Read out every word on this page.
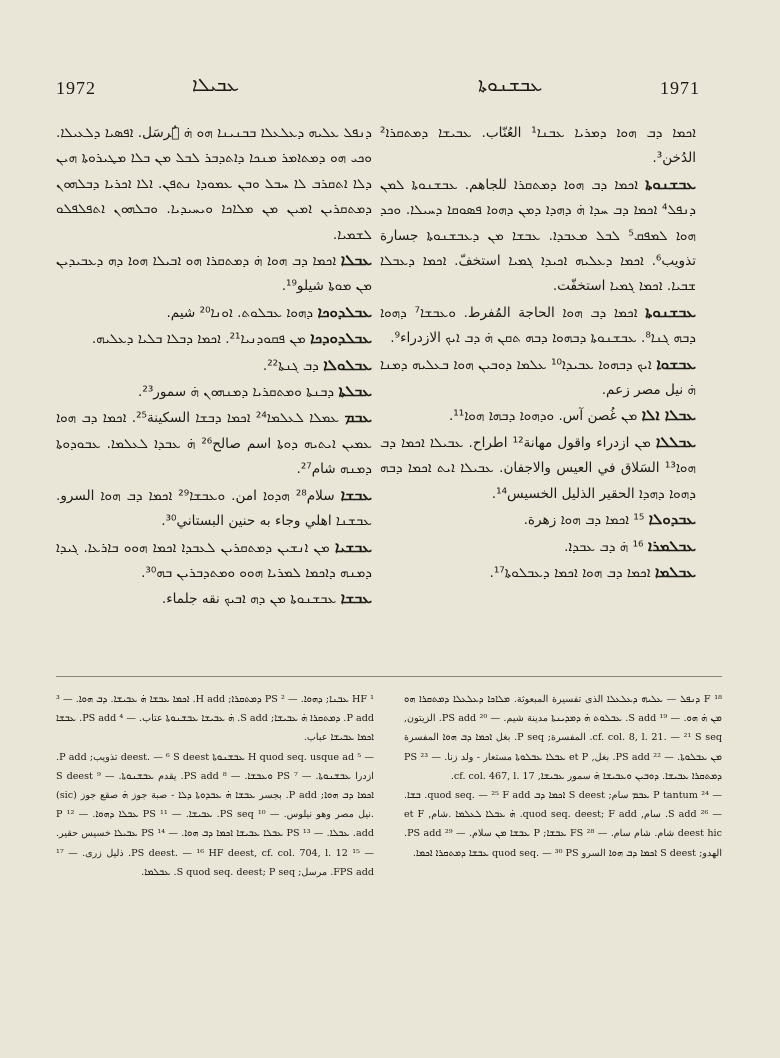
1972	ܥܒܝܠܐ	ܥܒܫܢܘܬܐ	1971

ܕܢܦܠ ܥܠܝܗ ܕܥܠܥܠܐ ܒܒܢܝܢܐ ܗܘ ܗ̇ ܡُرسَل. ܐܦܣܝܐ ܕܠܥܝܠܐ. ܘܟܝ ܗܘ ܕܡܬܐܡܪ ܡܢܟܐ ܕܐܬܕܒܪ ܠܒܠ ܡܢ ܒܠܐ ܡܛܝܪܘܬܐ ܗܝܢ ܕܠܐ ܐܬܩܪܒ ܠܐ ܚܒܠ ܘܒܢ ܥܡܘܕܐ ܢܬܦܢ. ܐܠܐ ܐܟܪܝܐ ܕܒܠܗܘܢ ܕܡܬܩܪܝܢ ܐܡܝܢ ܡܢ ܡܠܐܟܐ ܘܝܚܝܕܝܐ. ܘܒܠܗܘܢ ܐܬܦܠܦܠܘ ܠܫܡܝܐ.

ܥܒܠܐ ܐܟܡܐ ܕܒ ܗܘܐ ܗ̇ ܕܡܬܩܪܐ ܗܘ ܐܒܝܠܐ ܗܘܐ ܕܗ ܕܥܒܝܕܝܢ ܡܢ ܡܘܬܐ شيلو¹⁹.

ܥܒܠܕܘܟܐ ܕܗܘܐ ܥܒܠܘܬ. ܐܘܢܐ²⁰ شيم.

ܥܒܠܕܘܕܟܐ ܡܢ ܦܩܘܕܢܝܐ²¹. ܐܟܡܐ ܕܒܠܐ ܒܠܝܐ ܕܥܠܝܗ.

ܥܒܠܘܠܐ ܕܒ ܓܢܬܐ²².

ܥܒܠܬܐ ܕܒܢܬܐ ܘܡܬܩܪܝܐ ܕܡܢܗܘܢ ܗ̇ سمور²³.

ܥܒܡ ܥܡܠܐ ܠܥܠܡܐ²⁴ ܐܟܡܐ ܕܒܫܐ السكينة²⁵. ܐܟܡܐ ܕܒ ܗܘܐ ܥܡܝܢ ܐܝܬܝܗ ܕܘܬܐ اسم صالح²⁶ ܗ̇ ܥܒܕܐ ܠܥܠܡܐ. ܥܒܘܕܘܬܐ ܕܡܢܗ شام²⁷.

ܥܒܫܐ سلام²⁸ ܗܕܘܐ امن. ܘܥܒܫܐ²⁹ ܐܟܡܐ ܕܒ ܗܘܐ السرو. ܥܒܫܢܐ اهلي وجاء به حنين البستاني³⁰.

ܥܒܫܝܐ ܡܢ ܐܢܫܝܢ ܕܡܬܩܪܝܢ ܠܥܒܕܐ ܐܟܡܐ ܗܘܘ ܒܐܪܥܐ. ܓܝܕܐ ܕܡܢܗ ܕܐܟܡܐ ܠܡܪܝܐ ܗܘܘ ܘܡܬܕܒܪܝܢ ܒܗ³⁰.

ܥܒܫܐ ܥܒܫܢܘܬܐ ܡܢ ܕܗ ܐܒܝܟ نقه جلماء.

ܐܟܡܐ ܕܒ ܗܘܐ ܕܡܪܝܐ ܥܒܢܐ¹ العُنّاب. ܥܒܝܫܐ ܕܡܬܩܪܐ² الدُخن³.

ܥܒܫܢܘܬܐ ܐܟܡܐ ܕܒ ܗܘܐ ܕܡܬܩܪܐ للجاهم. ܥܒܫܢܘܬܐ ܠܡܢ ܕܢܦܠ⁴ ܐܟܡܐ ܕܒ ܚܕܐ ܗ̇ ܕܗܕܐ ܕܡܢ ܕܗܘܐ ܦܣܘܩܐ ܕܚܝܠܐ. ܘܟܕ ܗܘܐ ܠܡܦܩ⁵ ܠܒܠ ܡܥܒܕܐ. ܥܒܫܐ ܡܢ ܕܥܒܫܢܘܬܐ جسارة تذويب⁶. ܐܟܡܐ ܕܥܠܝܗ ܐܟܝܕܐ ܓܡܝܐ استخفّ. ܐܟܡܐ ܕܥܒܠܐ ܫܒܝܐ. ܐܟܡܐ ܓܡܝܐ استخفّت.

ܥܒܫܢܘܬܐ ܐܟܡܐ ܕܒ ܗܘܐ الحاجة المُفرط. ܘܥܒܫܐ⁷ ܕܗܘܐ ܕܒܗ ܓܢܐ⁸. ܥܒܫܢܘܬܐ ܕܒܗܘܐ ܕܒܗ ܬܩܢ ܗ̇ ܕܒ ܐܝܟ الازدراء⁹.

ܥܒܫܘܐ ܐܝܟ ܕܒܗܘܐ ܥܒܝܕܐ¹⁰ ܥܠܡܐ ܕܘܒܝܢ ܗܘܐ ܒܥܠܝܗ ܕܡܢܐ ܗ̇ نيل مصر زعم.

ܥܒܠܐ ܐܠܐ ܡܢ غُصن آس. ܘܕܗܘܐ ܕܒܗܐ ܗܘܐ¹¹.

ܥܒܠܠܐ ܡܢ ازدراء واقول مهانة¹² اطراح. ܥܒܝܠܐ ܐܟܡܐ ܕܒ ܗܘܐ¹³ السَلاق في العيس والاجفان. ܥܒܝܠܐ ܐܝܬ ܐܟܡܐ ܕܒܗ ܕܗܘܐ ܕܗܕܐ الحقير الذليل الخسيس¹⁴.

ܥܒܕܘܠܐ ¹⁵ ܐܟܡܐ ܕܒ ܗܘܐ زهرة.

ܥܒܠܡܪܐ ¹⁶ ܗ̇ ܕܒ ܥܒܕܐ.

ܥܒܠܡܐ ܐܟܡܐ ܕܒ ܗܘܐ ܐܟܡܐ ܕܥܒܠܘܬܐ¹⁷.

¹ HF ܥܒܢܐ; ܕܗܘܐ. — ² PS ܕܡܬܩܪܐ; H add. ܐܟܡܐ ܥܒܫܐ ܗ̇ ܥܒܝܫܐ. ܕܒ ܗܘܐ. — ³ P add. ܕܡܬܩܪܐ ܗ̇ ܥܒܝܫܐ; S add. ܗ̇ ܥܒܝܫܐ ܥܒܫܢܘܬܐ عتاب. — ⁴ PS add. ܥܒܫܐ ܐܟܡܐ ܥܒܝܫܐ عباب.

— ⁵ H quod seq. usque ad ܥܒܫܢܘܬܐ deest. — ⁶ S deest تذويب; P add. ازدرا ܥܒܫܢܘܬܐ. — ⁷ PS ܘܥܒܫܐ. — ⁸ PS add. يقدم ܥܒܫܢܘܬܐ. — ⁹ S deest ܐܟܡܐ ܕܒ ܗܘܐ; P add. بجسر ܥܒܫܐ ܗ̇ ܥܒܕܘܬܐ ܕܠܐ - صبة جوز ܗ̇ صقع جوز (sic) .نيل مصر وهو نيلوس. — ¹⁰ PS seq. ܥܒܝܫܐ. — ¹¹ PS ܥܒܠܐ ܕܗܘܐ. — ¹² P add. ܥܒܠܐ. — ¹³ PS ܥܒܠܐ ܥܒܝܫܐ ܐܟܡܐ ܕܒ ܗܘܐ. — ¹⁴ PS ܥܒܝܠܐ خسيس حقير. — ¹⁵ PS deest. — ¹⁶ HF deest, cf. col. 704, l. 12. ذليل زرى. — ¹⁷ FPS add. مرسل; S quod seq. deest; P seq. ܥܒܠܡܐ.

¹⁸ F ܕܢܦܠ — ܥܠܝܗ ܕܥܠܥܠܐ الذى تفسيرة المبعوثة. ܡܠܐܟܐ ܕܥܠܥܠܐ ܕܡܬܩܪܐ ܗܘ ܡܢ ܗ̇ ܗܘ. — ¹⁹ S add. ܥܒܠܘܬ ܗ̇ ܕܡܕܝܢܬܐ مدينة شيم. — ²⁰ PS add. الزيتون, cf. col. 8, l. 21. — ²¹ S seq. المفسرة; P seq. بغل ܐܟܡܐ ܕܒ ܗܘܐ المفسرة ܡܢ ܥܒܠܘܬܐ. — ²² PS add. بغل, et P ܥܒܠܐ ܥܒܠܘܬܐ مستعار - ولد زنا. — ²³ PS ܕܡܬܩܪܐ ܥܒܝܫܐ. ܕܘܒܝܢ ܘܥܒܝܫܐ ܗ̇ سمور ܥܒܝܫܐ, cf. col. 467, l. 17.

— ²⁴ P tantum ܥܒܡ سام; S deest ܐܟܡܐ ܕܒ quod seq. — ²⁵ F add. ܒܫܐ. — ²⁶ S add. سام, quod seq. deest; F add. ܗ̇ ܥܒܠܐ ܠܥܠܡܐ .شام, et F deest hic شام. شام سام. — ²⁸ FS ܥܒܫܐ; P ܥܒܫܐ ܡܢ سلام. — ²⁹ PS add. الهدو; S deest ܐܟܡܐ ܕܒ ܗܘܐ السرو quod seq. — ³⁰ PS ܥܒܫܐ ܕܡܬܩܪܐ ܐܟܡܐ.
